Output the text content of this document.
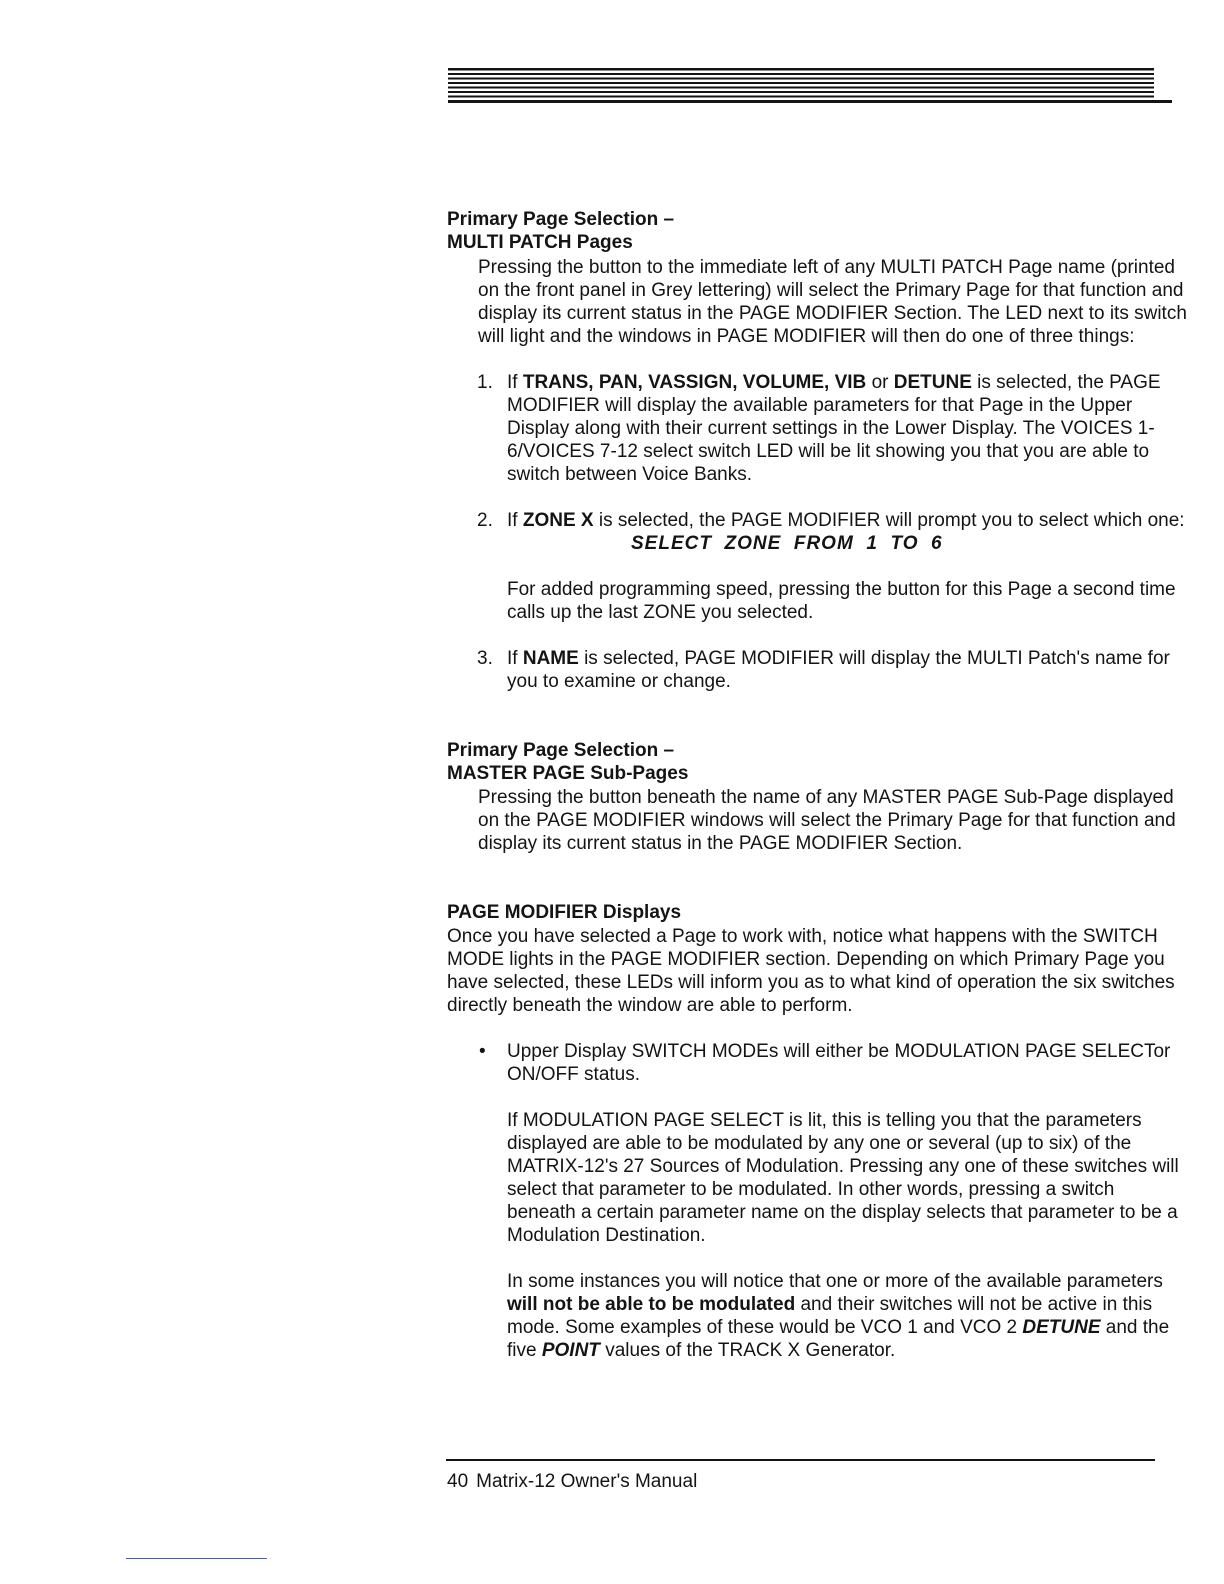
Primary Page Selection –

MULTI PATCH Pages

Pressing the button to the immediate left of any MULTI PATCH Page name (printed on the front panel in Grey lettering) will select the Primary Page for that function and display its current status in the PAGE MODIFIER Section. The LED next to its switch will light and the windows in PAGE MODIFIER will then do one of three things:

1. If TRANS, PAN, VASSIGN, VOLUME, VIB or DETUNE is selected, the PAGE MODIFIER will display the available parameters for that Page in the Upper Display along with their current settings in the Lower Display. The VOICES 1-6/VOICES 7-12 select switch LED will be lit showing you that you are able to switch between Voice Banks.
2. If ZONE X is selected, the PAGE MODIFIER will prompt you to select which one:
SELECT  ZONE  FROM  1  TO  6

For added programming speed, pressing the button for this Page a second time calls up the last ZONE you selected.

3. If NAME is selected, PAGE MODIFIER will display the MULTI Patch's name for you to examine or change.

Primary Page Selection –

MASTER PAGE Sub-Pages

Pressing the button beneath the name of any MASTER PAGE Sub-Page displayed on the PAGE MODIFIER windows will select the Primary Page for that function and display its current status in the PAGE MODIFIER Section.

PAGE MODIFIER Displays

Once you have selected a Page to work with, notice what happens with the SWITCH MODE lights in the PAGE MODIFIER section. Depending on which Primary Page you have selected, these LEDs will inform you as to what kind of operation the six switches directly beneath the window are able to perform.

• Upper Display SWITCH MODEs will either be MODULATION PAGE SELECTor ON/OFF status.

If MODULATION PAGE SELECT is lit, this is telling you that the parameters displayed are able to be modulated by any one or several (up to six) of the MATRIX-12's 27 Sources of Modulation. Pressing any one of these switches will select that parameter to be modulated. In other words, pressing a switch beneath a certain parameter name on the display selects that parameter to be a Modulation Destination.

In some instances you will notice that one or more of the available parameters will not be able to be modulated and their switches will not be active in this mode. Some examples of these would be VCO 1 and VCO 2 DETUNE and the five POINT values of the TRACK X Generator.

40 Matrix-12 Owner's Manual
